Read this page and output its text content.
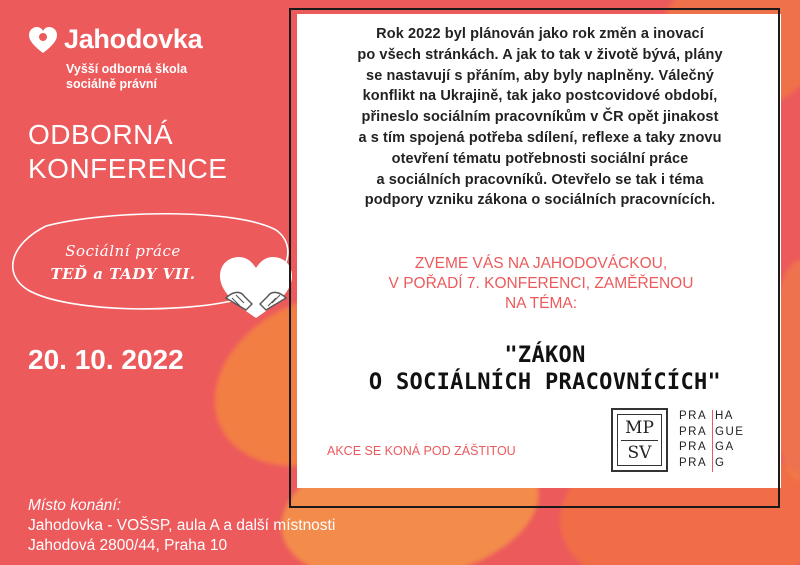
Jahodovka
Vyšší odborná škola
sociálně právní
ODBORNÁ
KONFERENCE
Sociální práce
TEĎ a TADY VII.
20. 10. 2022
Místo konání:
Jahodovka - VOŠSP, aula A a další místnosti
Jahodová 2800/44, Praha 10
Rok 2022 byl plánován jako rok změn a inovací
po všech stránkách. A jak to tak v životě bývá, plány
se nastavují s přáním, aby byly naplněny. Válečný
konflikt na Ukrajině, tak jako postcovidové období,
přineslo sociálním pracovníkům v ČR opět jinakost
a s tím spojená potřeba sdílení, reflexe a taky znovu
otevření tématu potřebnosti sociální práce
a sociálních pracovníků. Otevřelo se tak i téma
podpory vzniku zákona o sociálních pracovnících.
ZVEME VÁS NA JAHODOVÁCKOU,
V POŘADÍ 7. KONFERENCI, ZAMĚŘENOU
NA TÉMA:
"ZÁKON
O SOCIÁLNÍCH PRACOVNÍCÍCH"
AKCE SE KONÁ POD ZÁŠTITOU
MP
SV
PRA HA
PRA GUE
PRA GA
PRA G
